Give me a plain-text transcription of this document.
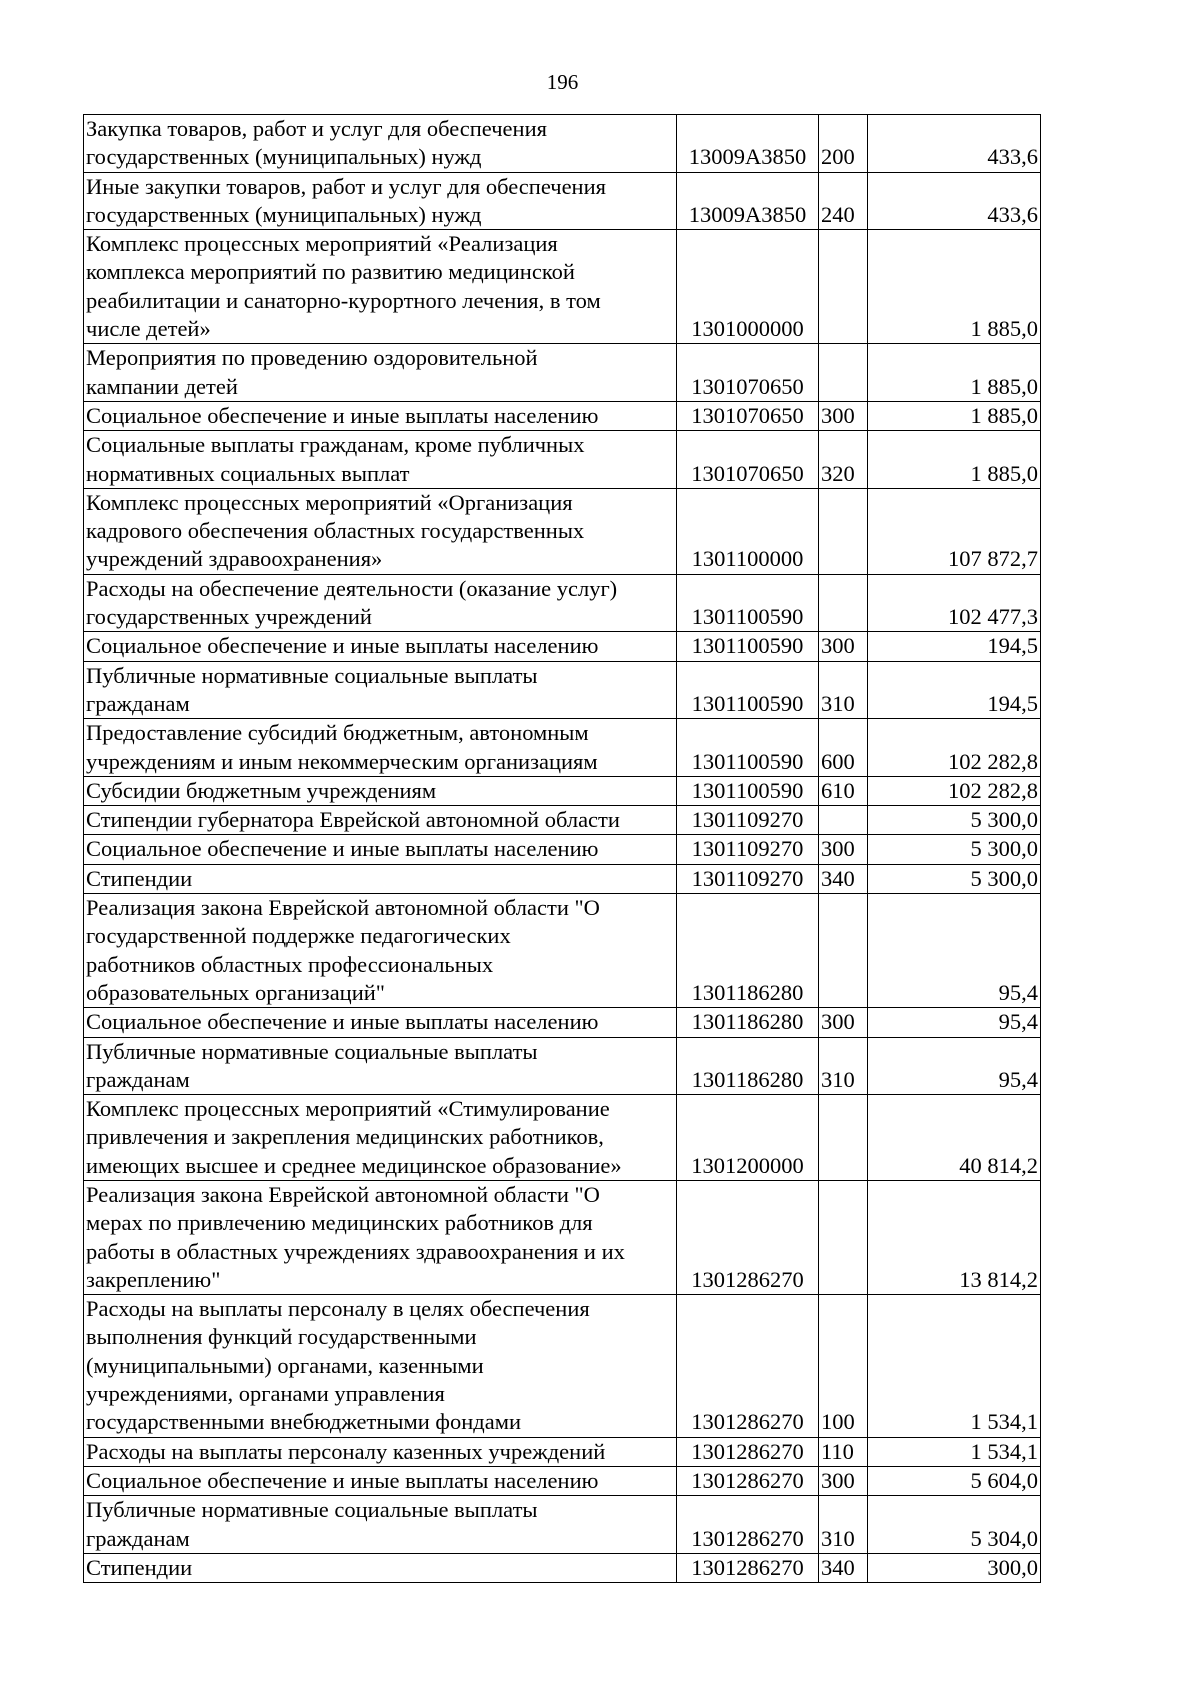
196
Закупка товаров, работ и услуг для обеспечения
государственных (муниципальных) нужд	13009А3850	200	433,6

Иные закупки товаров, работ и услуг для обеспечения
государственных (муниципальных) нужд	13009А3850	240	433,6

Комплекс процессных мероприятий «Реализация
комплекса мероприятий по развитию медицинской
реабилитации и санаторно-курортного лечения, в том
числе детей»	1301000000		1 885,0

Мероприятия по проведению оздоровительной
кампании детей	1301070650		1 885,0

Социальное обеспечение и иные выплаты населению	1301070650	300	1 885,0

Социальные выплаты гражданам, кроме публичных
нормативных социальных выплат	1301070650	320	1 885,0

Комплекс процессных мероприятий «Организация
кадрового обеспечения областных государственных
учреждений здравоохранения»	1301100000		107 872,7

Расходы на обеспечение деятельности (оказание услуг)
государственных учреждений	1301100590		102 477,3

Социальное обеспечение и иные выплаты населению	1301100590	300	194,5

Публичные нормативные социальные выплаты
гражданам	1301100590	310	194,5

Предоставление субсидий бюджетным, автономным
учреждениям и иным некоммерческим организациям	1301100590	600	102 282,8

Субсидии бюджетным учреждениям	1301100590	610	102 282,8

Стипендии губернатора Еврейской автономной области	1301109270		5 300,0

Социальное обеспечение и иные выплаты населению	1301109270	300	5 300,0

Стипендии	1301109270	340	5 300,0

Реализация закона Еврейской автономной области "О
государственной поддержке педагогических
работников областных профессиональных
образовательных организаций"	1301186280		95,4

Социальное обеспечение и иные выплаты населению	1301186280	300	95,4

Публичные нормативные социальные выплаты
гражданам	1301186280	310	95,4

Комплекс процессных мероприятий «Стимулирование
привлечения и закрепления медицинских работников,
имеющих высшее и среднее медицинское образование»	1301200000		40 814,2

Реализация закона Еврейской автономной области "О
мерах по привлечению медицинских работников для
работы в областных учреждениях здравоохранения и их
закреплению"	1301286270		13 814,2

Расходы на выплаты персоналу в целях обеспечения
выполнения функций государственными
(муниципальными) органами, казенными
учреждениями, органами управления
государственными внебюджетными фондами	1301286270	100	1 534,1

Расходы на выплаты персоналу казенных учреждений	1301286270	110	1 534,1

Социальное обеспечение и иные выплаты населению	1301286270	300	5 604,0

Публичные нормативные социальные выплаты
гражданам	1301286270	310	5 304,0

Стипендии	1301286270	340	300,0
